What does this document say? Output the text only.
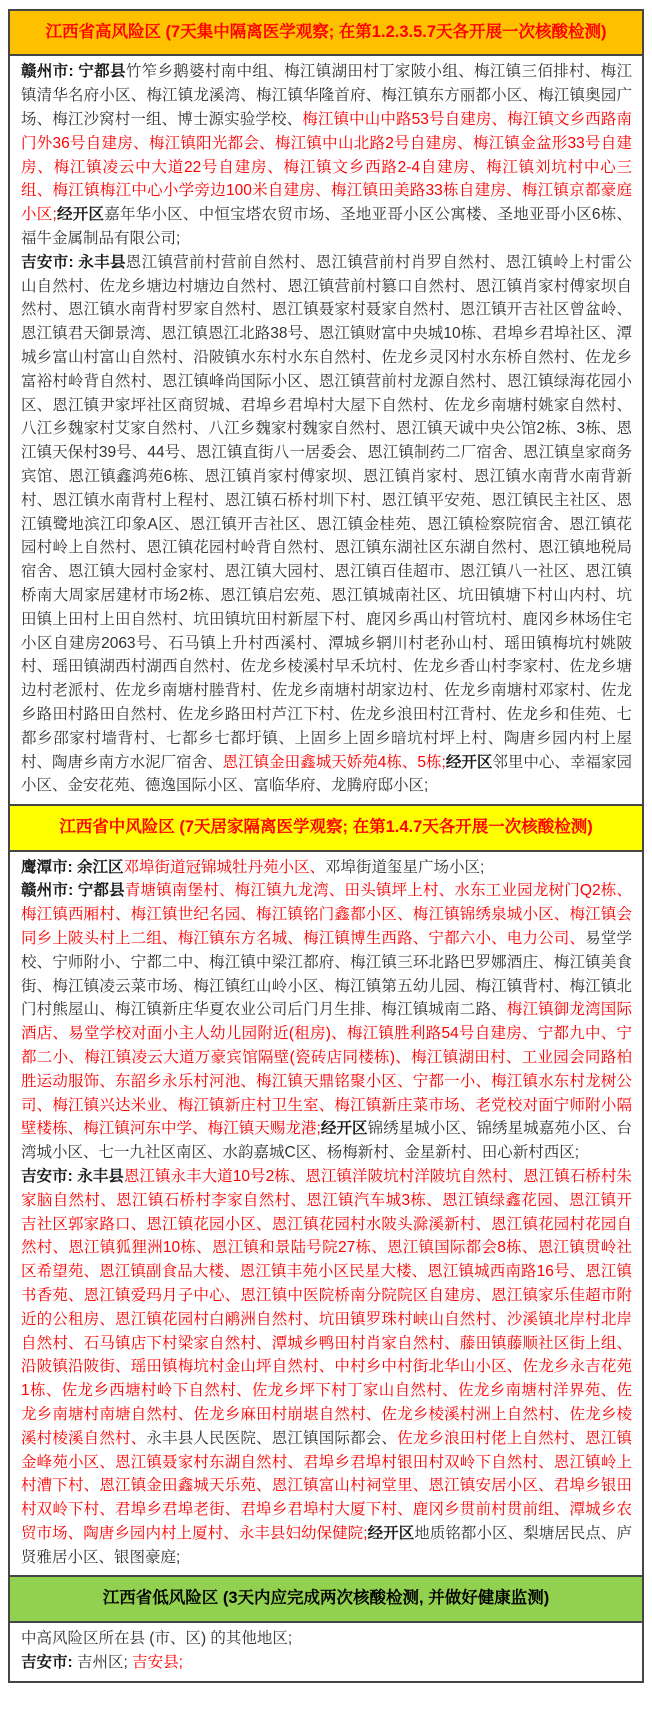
江西省高风险区 (7天集中隔离医学观察; 在第1.2.3.5.7天各开展一次核酸检测)

赣州市: 宁都县竹笮乡鹅婆村南中组、梅江镇湖田村丁家陂小组、梅江镇三佰排村、梅江镇清华名府小区、梅江镇龙溪湾、梅江镇华隆首府、梅江镇东方丽都小区、梅江镇奥园广场、梅江沙窝村一组、博士源实验学校、梅江镇中山中路53号自建房、梅江镇文乡西路南门外36号自建房、梅江镇阳光都会、梅江镇中山北路2号自建房、梅江镇金盆形33号自建房、梅江镇凌云中大道22号自建房、梅江镇文乡西路2-4自建房、梅江镇刘坑村中心三组、梅江镇梅江中心小学旁边100米自建房、梅江镇田美路33栋自建房、梅江镇京都豪庭小区;经开区嘉年华小区、中恒宝塔农贸市场、圣地亚哥小区公寓楼、圣地亚哥小区6栋、福牛金属制品有限公司;

吉安市: 永丰县恩江镇营前村营前自然村、恩江镇营前村肖罗自然村、恩江镇岭上村雷公山自然村、佐龙乡塘边村塘边自然村、恩江镇营前村篡口自然村、恩江镇肖家村傅家坝自然村、恩江镇水南背村罗家自然村、恩江镇聂家村聂家自然村、恩江镇开吉社区曾盆岭、恩江镇君天御景湾、恩江镇恩江北路38号、恩江镇财富中央城10栋、君埠乡君埠社区、潭城乡富山村富山自然村、沿陂镇水东村水东自然村、佐龙乡灵冈村水东桥自然村、佐龙乡富裕村岭背自然村、恩江镇峰尚国际小区、恩江镇营前村龙源自然村、恩江镇绿海花园小区、恩江镇尹家坪社区商贸城、君埠乡君埠村大屋下自然村、佐龙乡南塘村姚家自然村、八江乡魏家村艾家自然村、八江乡魏家村魏家自然村、恩江镇天诚中央公馆2栋、3栋、恩江镇天保村39号、44号、恩江镇直街八一居委会、恩江镇制药二厂宿舍、恩江镇皇家商务宾馆、恩江镇鑫鸿苑6栋、恩江镇肖家村傅家坝、恩江镇肖家村、恩江镇水南背水南背新村、恩江镇水南背村上程村、恩江镇石桥村圳下村、恩江镇平安苑、恩江镇民主社区、恩江镇鹭地滨江印象A区、恩江镇开吉社区、恩江镇金桂苑、恩江镇检察院宿舍、恩江镇花园村岭上自然村、恩江镇花园村岭背自然村、恩江镇东湖社区东湖自然村、恩江镇地税局宿舍、恩江镇大园村金家村、恩江镇大园村、恩江镇百佳超市、恩江镇八一社区、恩江镇桥南大周家居建材市场2栋、恩江镇启宏苑、恩江镇城南社区、坑田镇塘下村山内村、坑田镇上田村上田自然村、坑田镇坑田村新屋下村、鹿冈乡禹山村管坑村、鹿冈乡林场住宅小区自建房2063号、石马镇上升村西溪村、潭城乡辋川村老孙山村、瑶田镇梅坑村姚陂村、瑶田镇湖西村湖西自然村、佐龙乡棱溪村早禾坑村、佐龙乡香山村李家村、佐龙乡塘边村老派村、佐龙乡南塘村塍背村、佐龙乡南塘村胡家边村、佐龙乡南塘村邓家村、佐龙乡路田村路田自然村、佐龙乡路田村芦江下村、佐龙乡浪田村江背村、佐龙乡和佳苑、七都乡邵家村墙背村、七都乡七都圩镇、上固乡上固乡暗坑村坪上村、陶唐乡园内村上屋村、陶唐乡南方水泥厂宿舍、恩江镇金田鑫城天娇苑4栋、5栋;经开区邻里中心、幸福家园小区、金安花苑、德逸国际小区、富临华府、龙腾府邸小区;

江西省中风险区 (7天居家隔离医学观察; 在第1.4.7天各开展一次核酸检测)

鹰潭市: 余江区邓埠街道冠锦城牡丹苑小区、邓埠街道玺星广场小区;

赣州市: 宁都县青塘镇南堡村、梅江镇九龙湾、田头镇坪上村、水东工业园龙树门Q2栋、梅江镇西厢村、梅江镇世纪名园、梅江镇铭门鑫都小区、梅江镇锦绣泉城小区、梅江镇会同乡上陂头村上二组、梅江镇东方名城、梅江镇博生西路、宁都六小、电力公司、易堂学校、宁师附小、宁都二中、梅江镇中梁江都府、梅江镇三环北路巴罗娜酒庄、梅江镇美食街、梅江镇凌云菜市场、梅江镇红山岭小区、梅江镇第五幼儿园、梅江镇背村、梅江镇北门村熊屋山、梅江镇新庄华夏农业公司后门月生排、梅江镇城南二路、梅江镇御龙湾国际酒店、易堂学校对面小主人幼儿园附近(租房)、梅江镇胜利路54号自建房、宁都九中、宁都二小、梅江镇凌云大道万豪宾馆隔壁(瓷砖店同楼栋)、梅江镇湖田村、工业园会同路柏胜运动服饰、东韶乡永乐村河池、梅江镇天鼎铭聚小区、宁都一小、梅江镇水东村龙树公司、梅江镇兴达米业、梅江镇新庄村卫生室、梅江镇新庄菜市场、老党校对面宁师附小隔壁楼栋、梅江镇河东中学、梅江镇天赐龙港;经开区锦绣星城小区、锦绣星城嘉苑小区、台湾城小区、七一九社区南区、水韵嘉城C区、杨梅新村、金星新村、田心新村西区;

吉安市: 永丰县恩江镇永丰大道10号2栋、恩江镇洋陂坑村洋陂坑自然村、恩江镇石桥村朱家脑自然村、恩江镇石桥村李家自然村、恩江镇汽车城3栋、恩江镇绿鑫花园、恩江镇开吉社区郭家路口、恩江镇花园小区、恩江镇花园村水陂头滁溪新村、恩江镇花园村花园自然村、恩江镇狐狸洲10栋、恩江镇和景陆号院27栋、恩江镇国际都会8栋、恩江镇贯岭社区希望苑、恩江镇副食品大楼、恩江镇丰苑小区民星大楼、恩江镇城西南路16号、恩江镇书香苑、恩江镇爱玛月子中心、恩江镇中医院桥南分院院区自建房、恩江镇家乐佳超市附近的公租房、恩江镇花园村白鹇洲自然村、坑田镇罗珠村峡山自然村、沙溪镇北岸村北岸自然村、石马镇店下村梁家自然村、潭城乡鸭田村肖家自然村、藤田镇藤顺社区街上组、沿陂镇沿陂街、瑶田镇梅坑村金山坪自然村、中村乡中村街北华山小区、佐龙乡永吉花苑1栋、佐龙乡西塘村岭下自然村、佐龙乡坪下村丁家山自然村、佐龙乡南塘村洋界苑、佐龙乡南塘村南塘自然村、佐龙乡麻田村崩堪自然村、佐龙乡棱溪村洲上自然村、佐龙乡棱溪村棱溪自然村、永丰县人民医院、恩江镇国际都会、佐龙乡浪田村佬上自然村、恩江镇金峰苑小区、恩江镇聂家村东湖自然村、君埠乡君埠村银田村双岭下自然村、恩江镇岭上村漕下村、恩江镇金田鑫城天乐苑、恩江镇富山村祠堂里、恩江镇安居小区、君埠乡银田村双岭下村、君埠乡君埠老街、君埠乡君埠村大厦下村、鹿冈乡贯前村贯前组、潭城乡农贸市场、陶唐乡园内村上厦村、永丰县妇幼保健院;经开区地质铭都小区、梨塘居民点、庐贤雅居小区、银图豪庭;

江西省低风险区 (3天内应完成两次核酸检测, 并做好健康监测)

中高风险区所在县 (市、区) 的其他地区;

吉安市: 吉州区; 吉安县;
